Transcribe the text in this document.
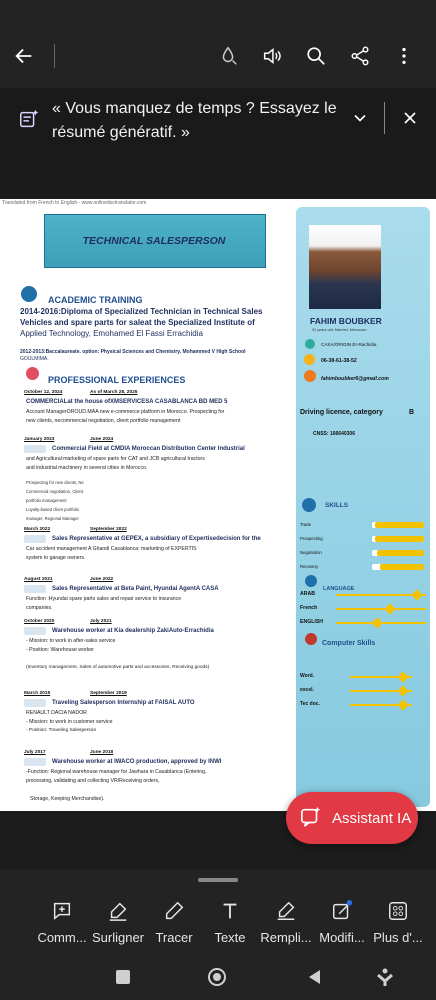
« Vous manquez de temps ? Essayez le résumé génératif. »
Translated from French to English - www.onlinedoctranslator.com
TECHNICAL SALESPERSON
FAHIM BOUBKER
31 years old, Married, Moroccan
CASA/ORIGIN Er-Rachidia
06-38-61-38-52
fahimboubker6@gmail.com
Driving licence, category	B
CNSS: 166640306
SKILLS
Trade
Prospecting
Negotiation
Recovery
LANGUAGE
ARAB
French
ENGLISH
Computer Skills
Word.
excel.
Tec doc.
ACADEMIC TRAINING
2014-2016:Diploma of Specialized Technician in Technical Sales
Vehicles and spare parts for saleat the Specialized Institute of
Applied Technology, Emohamed El Fassi Errachidia
2012-2013:Baccalaureate. option: Physical Sciences and Chemistry, Mohammed V High School
GOULMIMA.
PROFESSIONAL EXPERIENCES
October 12, 2024	As of March 28, 2025
COMMERCIALat the house ofXMSERVICESA CASABLANCA BD MED 5
Account ManagerOROUD.MAA new e-commerce platform in Morocco. Prospecting for
new clients, necommercial negotiation, client portfolio management
January 2023	June 2024
Commercial Field at CMDIA Moroccan Distribution Center Industrial
and Agricultural:marketing of spare parts for CAT and JCB agricultural tractors
and industrial machinery in several cities in Morocco.
March 2022	September 2022
Sales Representative at GEPEX, a subsidiary of Expertisedecision for the
Car accident management A Ghandi Casablanca: marketing of EXPERTIS
system to garage owners.
August 2021	June 2022
Sales Representative at Beta Paint, Hyundai AgentA CASA
Function :Hyundai spare parts sales and repair service to insurance
companies.
October 2020	July 2021
Warehouse worker at Kia dealership ZakiAuto-Errachidia
- Mission: to work in after-sales service
- Position: Warehouse worker
March 2019	September 2019
Traveling Salesperson Internship at FAISAL AUTO
RENAULT DACIA NADOR
- Mission: to work in customer service
July 2017	June 2018
Warehouse worker at IWACO production, approved by INWI
-Function: Regional warehouse manager for Jawhara in Casablanca (Entering,
processing, validating and collecting VR/Receiving orders,
Prospecting for new clients, Ne
Commercial negotiation, Client
portfolio management
Loyalty-based client portfolio
manager, Regional Manager
(Inventory management, Sales of automotive parts and accessories, Receiving goods)
- Position: Traveling Salesperson
Storage, Keeping Merchandise).
Assistant IA
Comm... Surligner Tracer	Texte	Rempli... Modifi... Plus d'...
